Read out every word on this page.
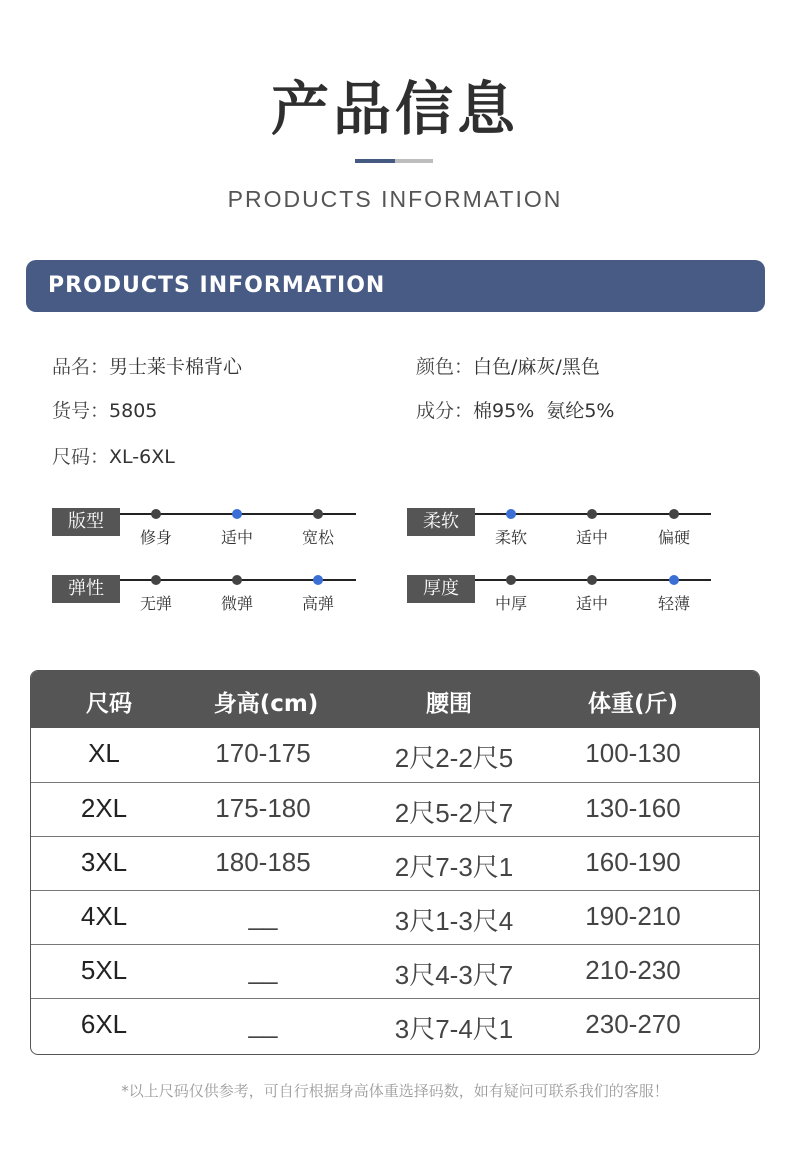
产品信息
PRODUCTS INFORMATION
PRODUCTS INFORMATION
品名：男士莱卡棉背心	颜色：白色/麻灰/黑色
货号：5805	成分：棉95%  氨纶5%
尺码：XL-6XL
版型
修身	适中	宽松
柔软
柔软	适中	偏硬
弹性
无弹	微弹	高弹
厚度
中厚	适中	轻薄
尺码	身高(cm)	腰围	体重(斤)
XL	170-175	2尺2-2尺5	100-130
2XL	175-180	2尺5-2尺7	130-160
3XL	180-185	2尺7-3尺1	160-190
4XL	__	3尺1-3尺4	190-210
5XL	__	3尺4-3尺7	210-230
6XL	__	3尺7-4尺1	230-270
*以上尺码仅供参考，可自行根据身高体重选择码数，如有疑问可联系我们的客服！
